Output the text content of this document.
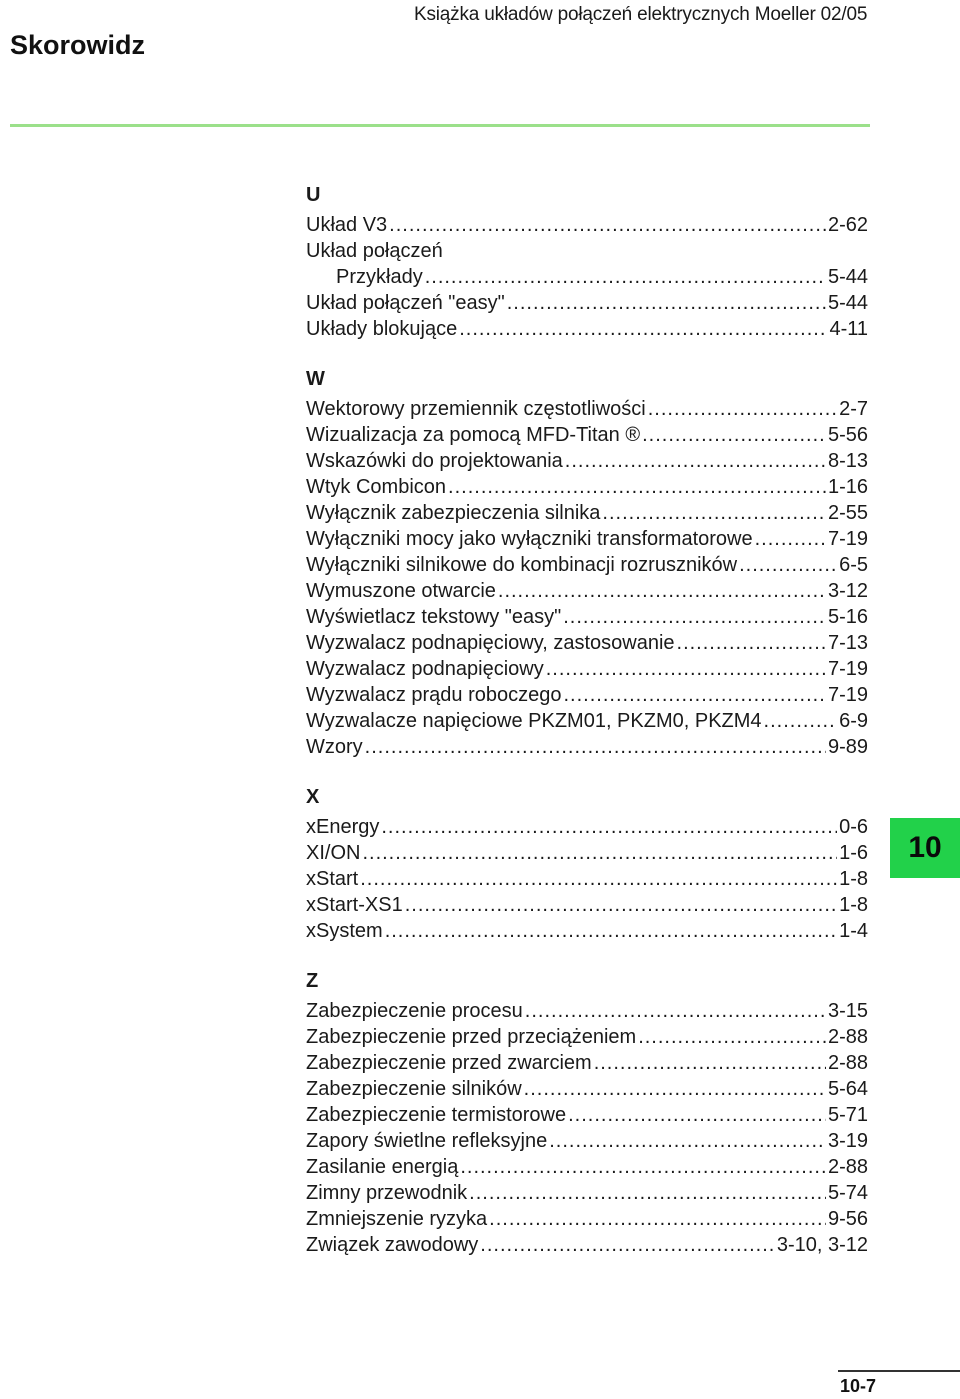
Książka układów połączeń elektrycznych Moeller 02/05
Skorowidz
U
Układ V3 .....	2-62
Układ połączeń
Przykłady .....	5-44
Układ połączeń "easy" .....	5-44
Układy blokujące .....	4-11
W
Wektorowy przemiennik częstotliwości .....	2-7
Wizualizacja za pomocą MFD-Titan ® .....	5-56
Wskazówki do projektowania .....	8-13
Wtyk Combicon .....	1-16
Wyłącznik zabezpieczenia silnika .....	2-55
Wyłączniki mocy jako wyłączniki transformatorowe .....	7-19
Wyłączniki silnikowe do kombinacji rozruszników .....	6-5
Wymuszone otwarcie .....	3-12
Wyświetlacz tekstowy "easy" .....	5-16
Wyzwalacz podnapięciowy, zastosowanie .....	7-13
Wyzwalacz podnapięciowy .....	7-19
Wyzwalacz prądu roboczego .....	7-19
Wyzwalacze napięciowe PKZM01, PKZM0, PKZM4 .....	6-9
Wzory .....	9-89
X
xEnergy .....	0-6
XI/ON .....	1-6
xStart .....	1-8
xStart-XS1 .....	1-8
xSystem .....	1-4
Z
Zabezpieczenie procesu .....	3-15
Zabezpieczenie przed przeciążeniem .....	2-88
Zabezpieczenie przed zwarciem .....	2-88
Zabezpieczenie silników .....	5-64
Zabezpieczenie termistorowe .....	5-71
Zapory świetlne refleksyjne .....	3-19
Zasilanie energią .....	2-88
Zimny przewodnik .....	5-74
Zmniejszenie ryzyka .....	9-56
Związek zawodowy .....	3-10, 3-12
10
10-7
